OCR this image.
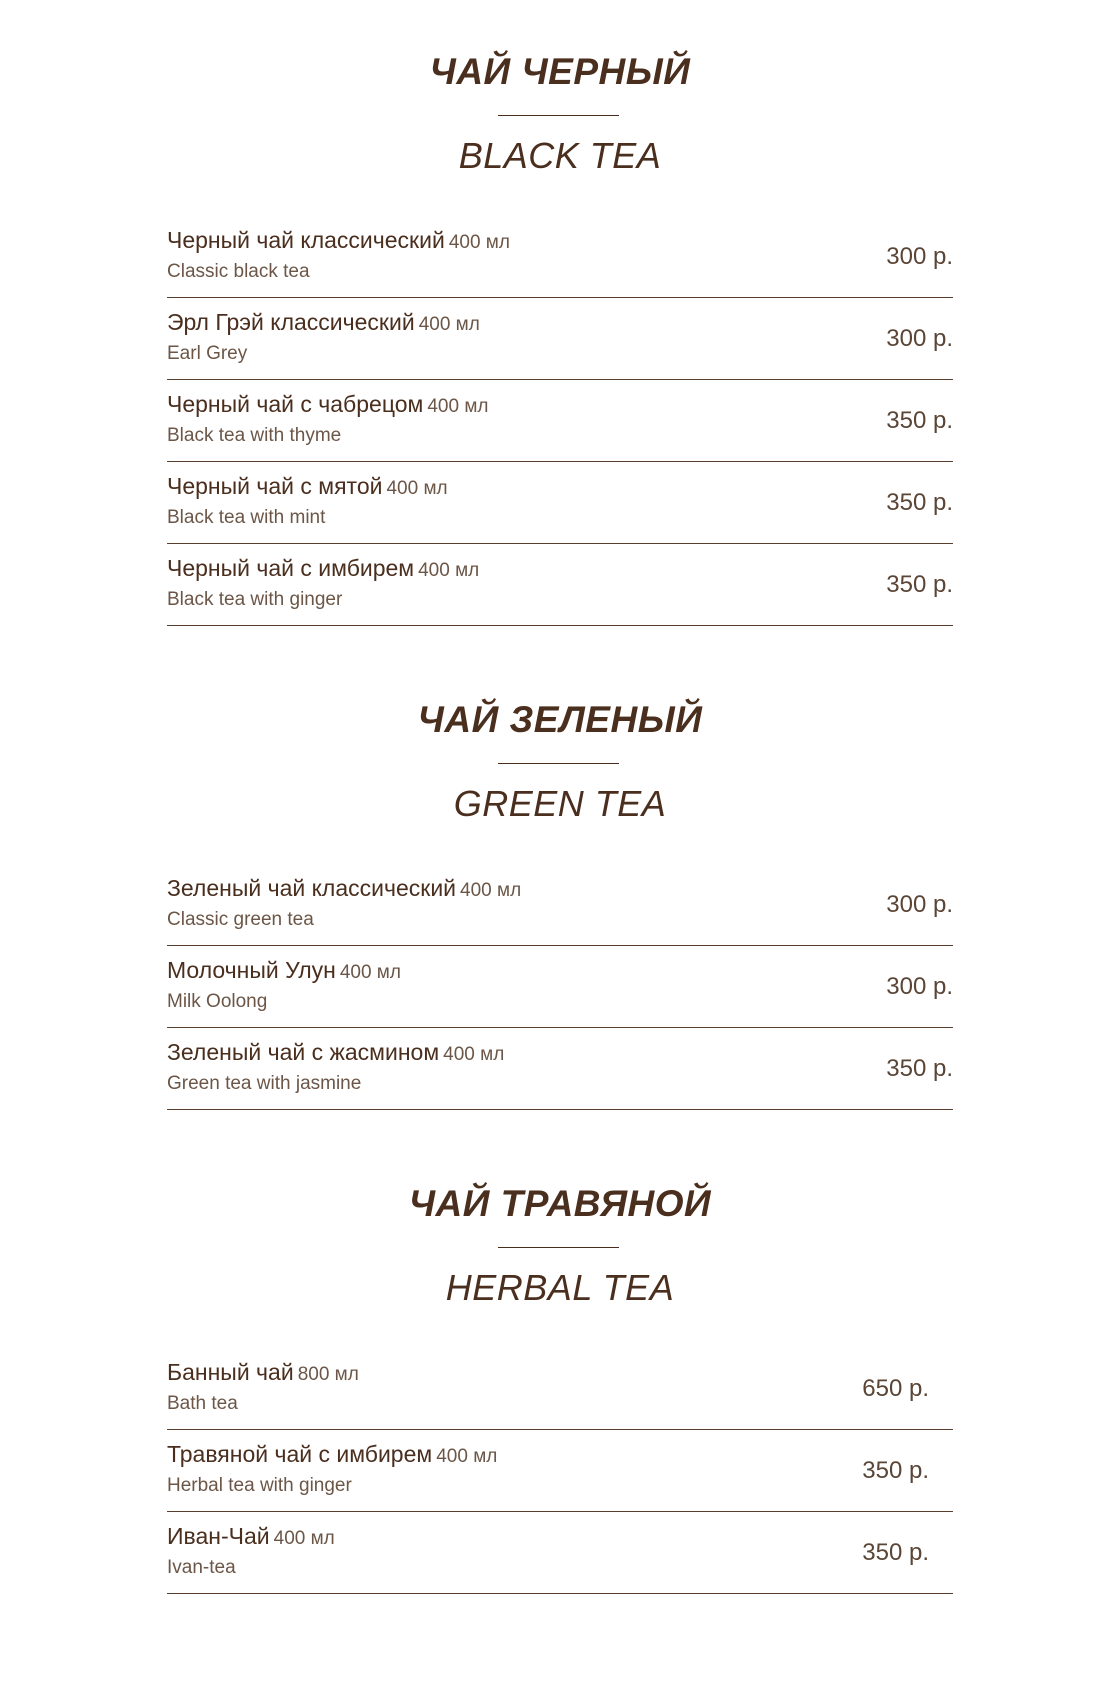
ЧАЙ ЧЕРНЫЙ
BLACK TEA
Черный чай классический 400 мл
Classic black tea
300 р.
Эрл Грэй классический 400 мл
Earl Grey
300 р.
Черный чай с чабрецом 400 мл
Black tea with thyme
350 р.
Черный чай с мятой 400 мл
Black tea with mint
350 р.
Черный чай с имбирем 400 мл
Black tea with ginger
350 р.
ЧАЙ ЗЕЛЕНЫЙ
GREEN TEA
Зеленый чай классический 400 мл
Classic green tea
300 р.
Молочный Улун 400 мл
Milk Oolong
300 р.
Зеленый чай с жасмином 400 мл
Green tea with jasmine
350 р.
ЧАЙ ТРАВЯНОЙ
HERBAL TEA
Банный чай 800 мл
Bath tea
650 р.
Травяной чай с имбирем 400 мл
Herbal tea with ginger
350 р.
Иван-Чай 400 мл
Ivan-tea
350 р.
